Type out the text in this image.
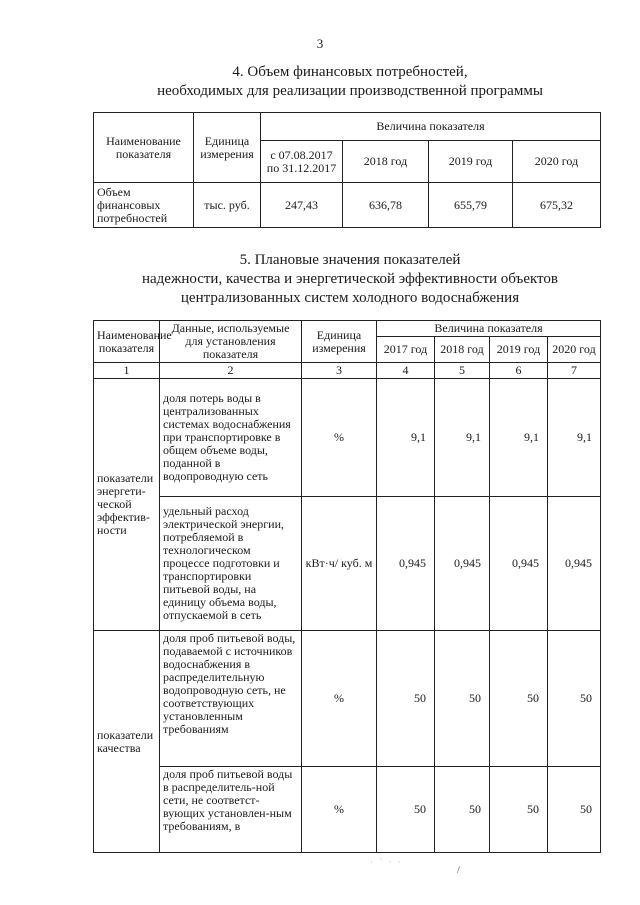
3
4. Объем финансовых потребностей,
необходимых для реализации производственной программы
Наименование показателя	Единица измерения	Величина показателя			
		с 07.08.2017 по 31.12.2017	2018 год	2019 год	2020 год
Объем финансовых потребностей	тыс. руб.	247,43	636,78	655,79	675,32
5. Плановые значения показателей
надежности, качества и энергетической эффективности объектов
централизованных систем холодного водоснабжения
Наименование показателя	Данные, используемые для установления показателя	Единица измерения	Величина показателя			
			2017 год	2018 год	2019 год	2020 год
1	2	3	4	5	6	7
показатели энергети-ческой эффектив-ности	доля потерь воды в централизованных системах водоснабжения при транспортировке в общем объеме воды, поданной в водопроводную сеть	%	9,1	9,1	9,1	9,1
	удельный расход электрической энергии, потребляемой в технологическом процессе подготовки и транспортировки питьевой воды, на единицу объема воды, отпускаемой в сеть	кВт·ч/ куб. м	0,945	0,945	0,945	0,945
показатели качества	доля проб питьевой воды, подаваемой с источников водоснабжения в распределительную водопроводную сеть, не соответствующих установленным требованиям	%	50	50	50	50
	доля проб питьевой воды в распределитель-ной сети, не соответст-вующих установлен-ным требованиям, в	%	50	50	50	50
· ˙ · ·
/
